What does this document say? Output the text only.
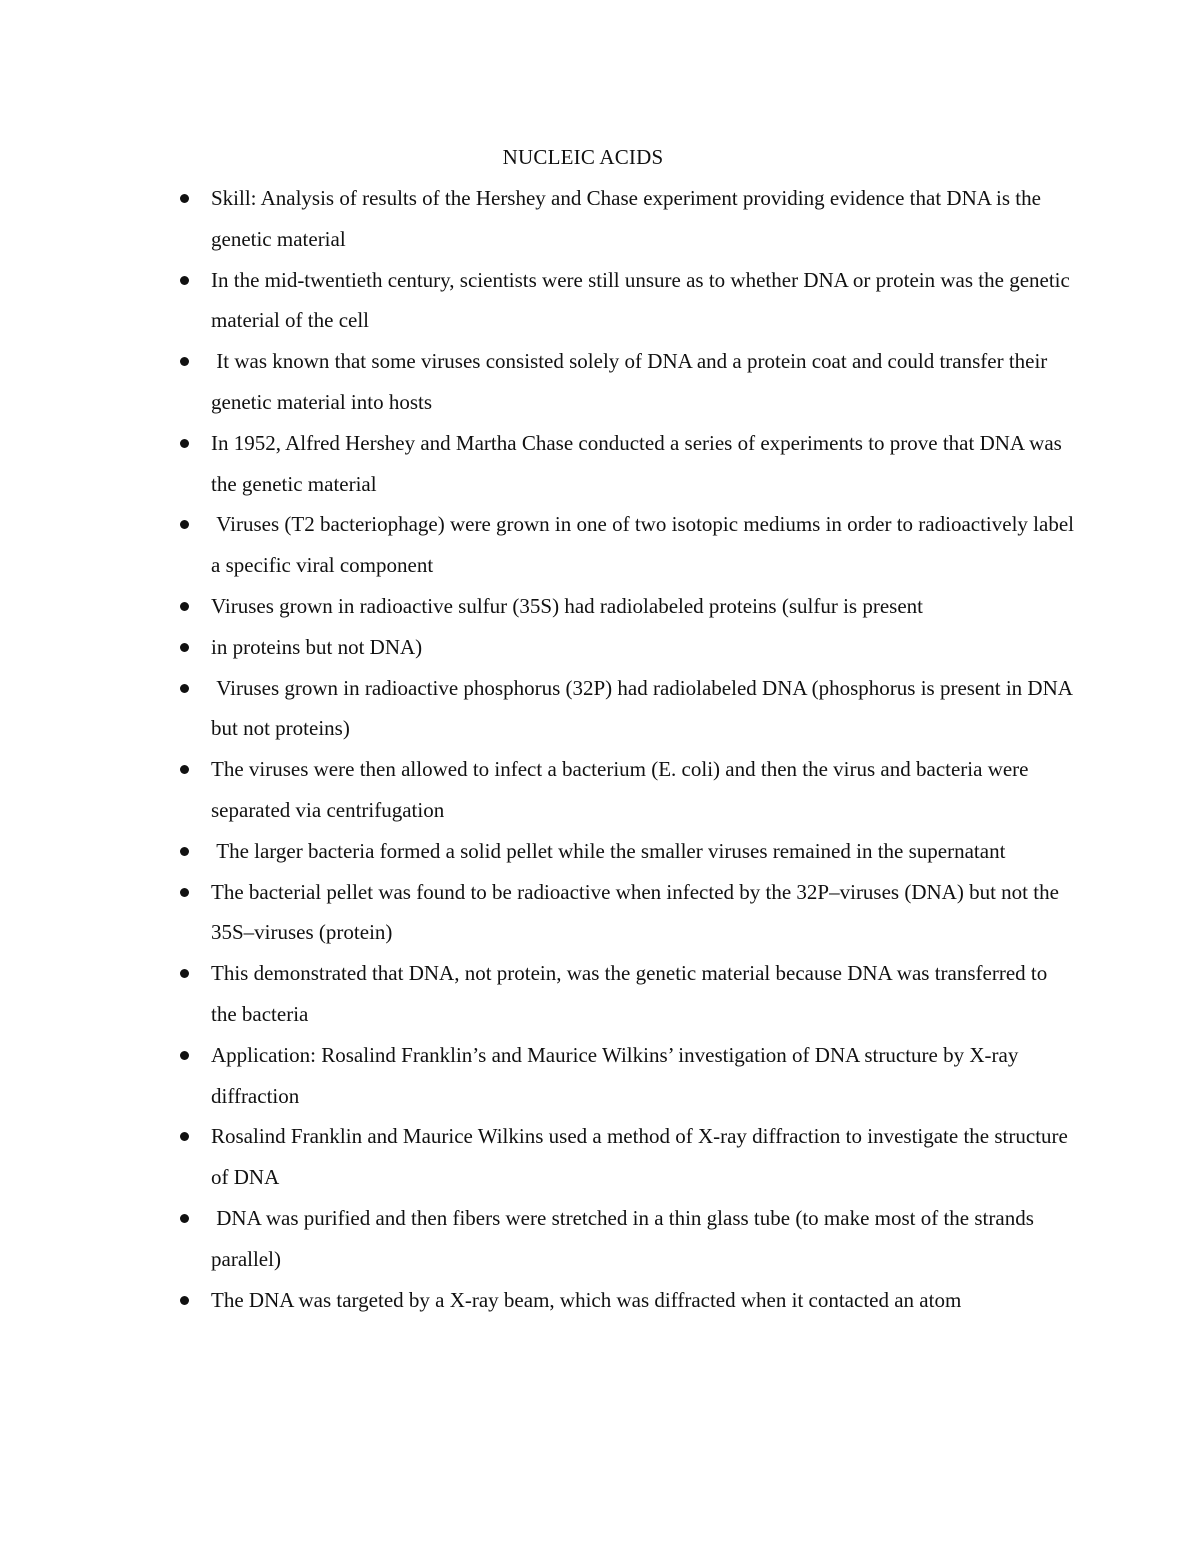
NUCLEIC ACIDS
Skill: Analysis of results of the Hershey and Chase experiment providing evidence that DNA is the genetic material
In the mid-twentieth century, scientists were still unsure as to whether DNA or protein was the genetic material of the cell
It was known that some viruses consisted solely of DNA and a protein coat and could transfer their genetic material into hosts
In 1952, Alfred Hershey and Martha Chase conducted a series of experiments to prove that DNA was the genetic material
Viruses (T2 bacteriophage) were grown in one of two isotopic mediums in order to radioactively label a specific viral component
Viruses grown in radioactive sulfur (35S) had radiolabeled proteins (sulfur is present
in proteins but not DNA)
Viruses grown in radioactive phosphorus (32P) had radiolabeled DNA (phosphorus is present in DNA but not proteins)
The viruses were then allowed to infect a bacterium (E. coli) and then the virus and bacteria were separated via centrifugation
The larger bacteria formed a solid pellet while the smaller viruses remained in the supernatant
The bacterial pellet was found to be radioactive when infected by the 32P–viruses (DNA) but not the 35S–viruses (protein)
This demonstrated that DNA, not protein, was the genetic material because DNA was transferred to the bacteria
Application: Rosalind Franklin’s and Maurice Wilkins’ investigation of DNA structure by X-ray diffraction
Rosalind Franklin and Maurice Wilkins used a method of X-ray diffraction to investigate the structure of DNA
DNA was purified and then fibers were stretched in a thin glass tube (to make most of the strands parallel)
The DNA was targeted by a X-ray beam, which was diffracted when it contacted an atom
